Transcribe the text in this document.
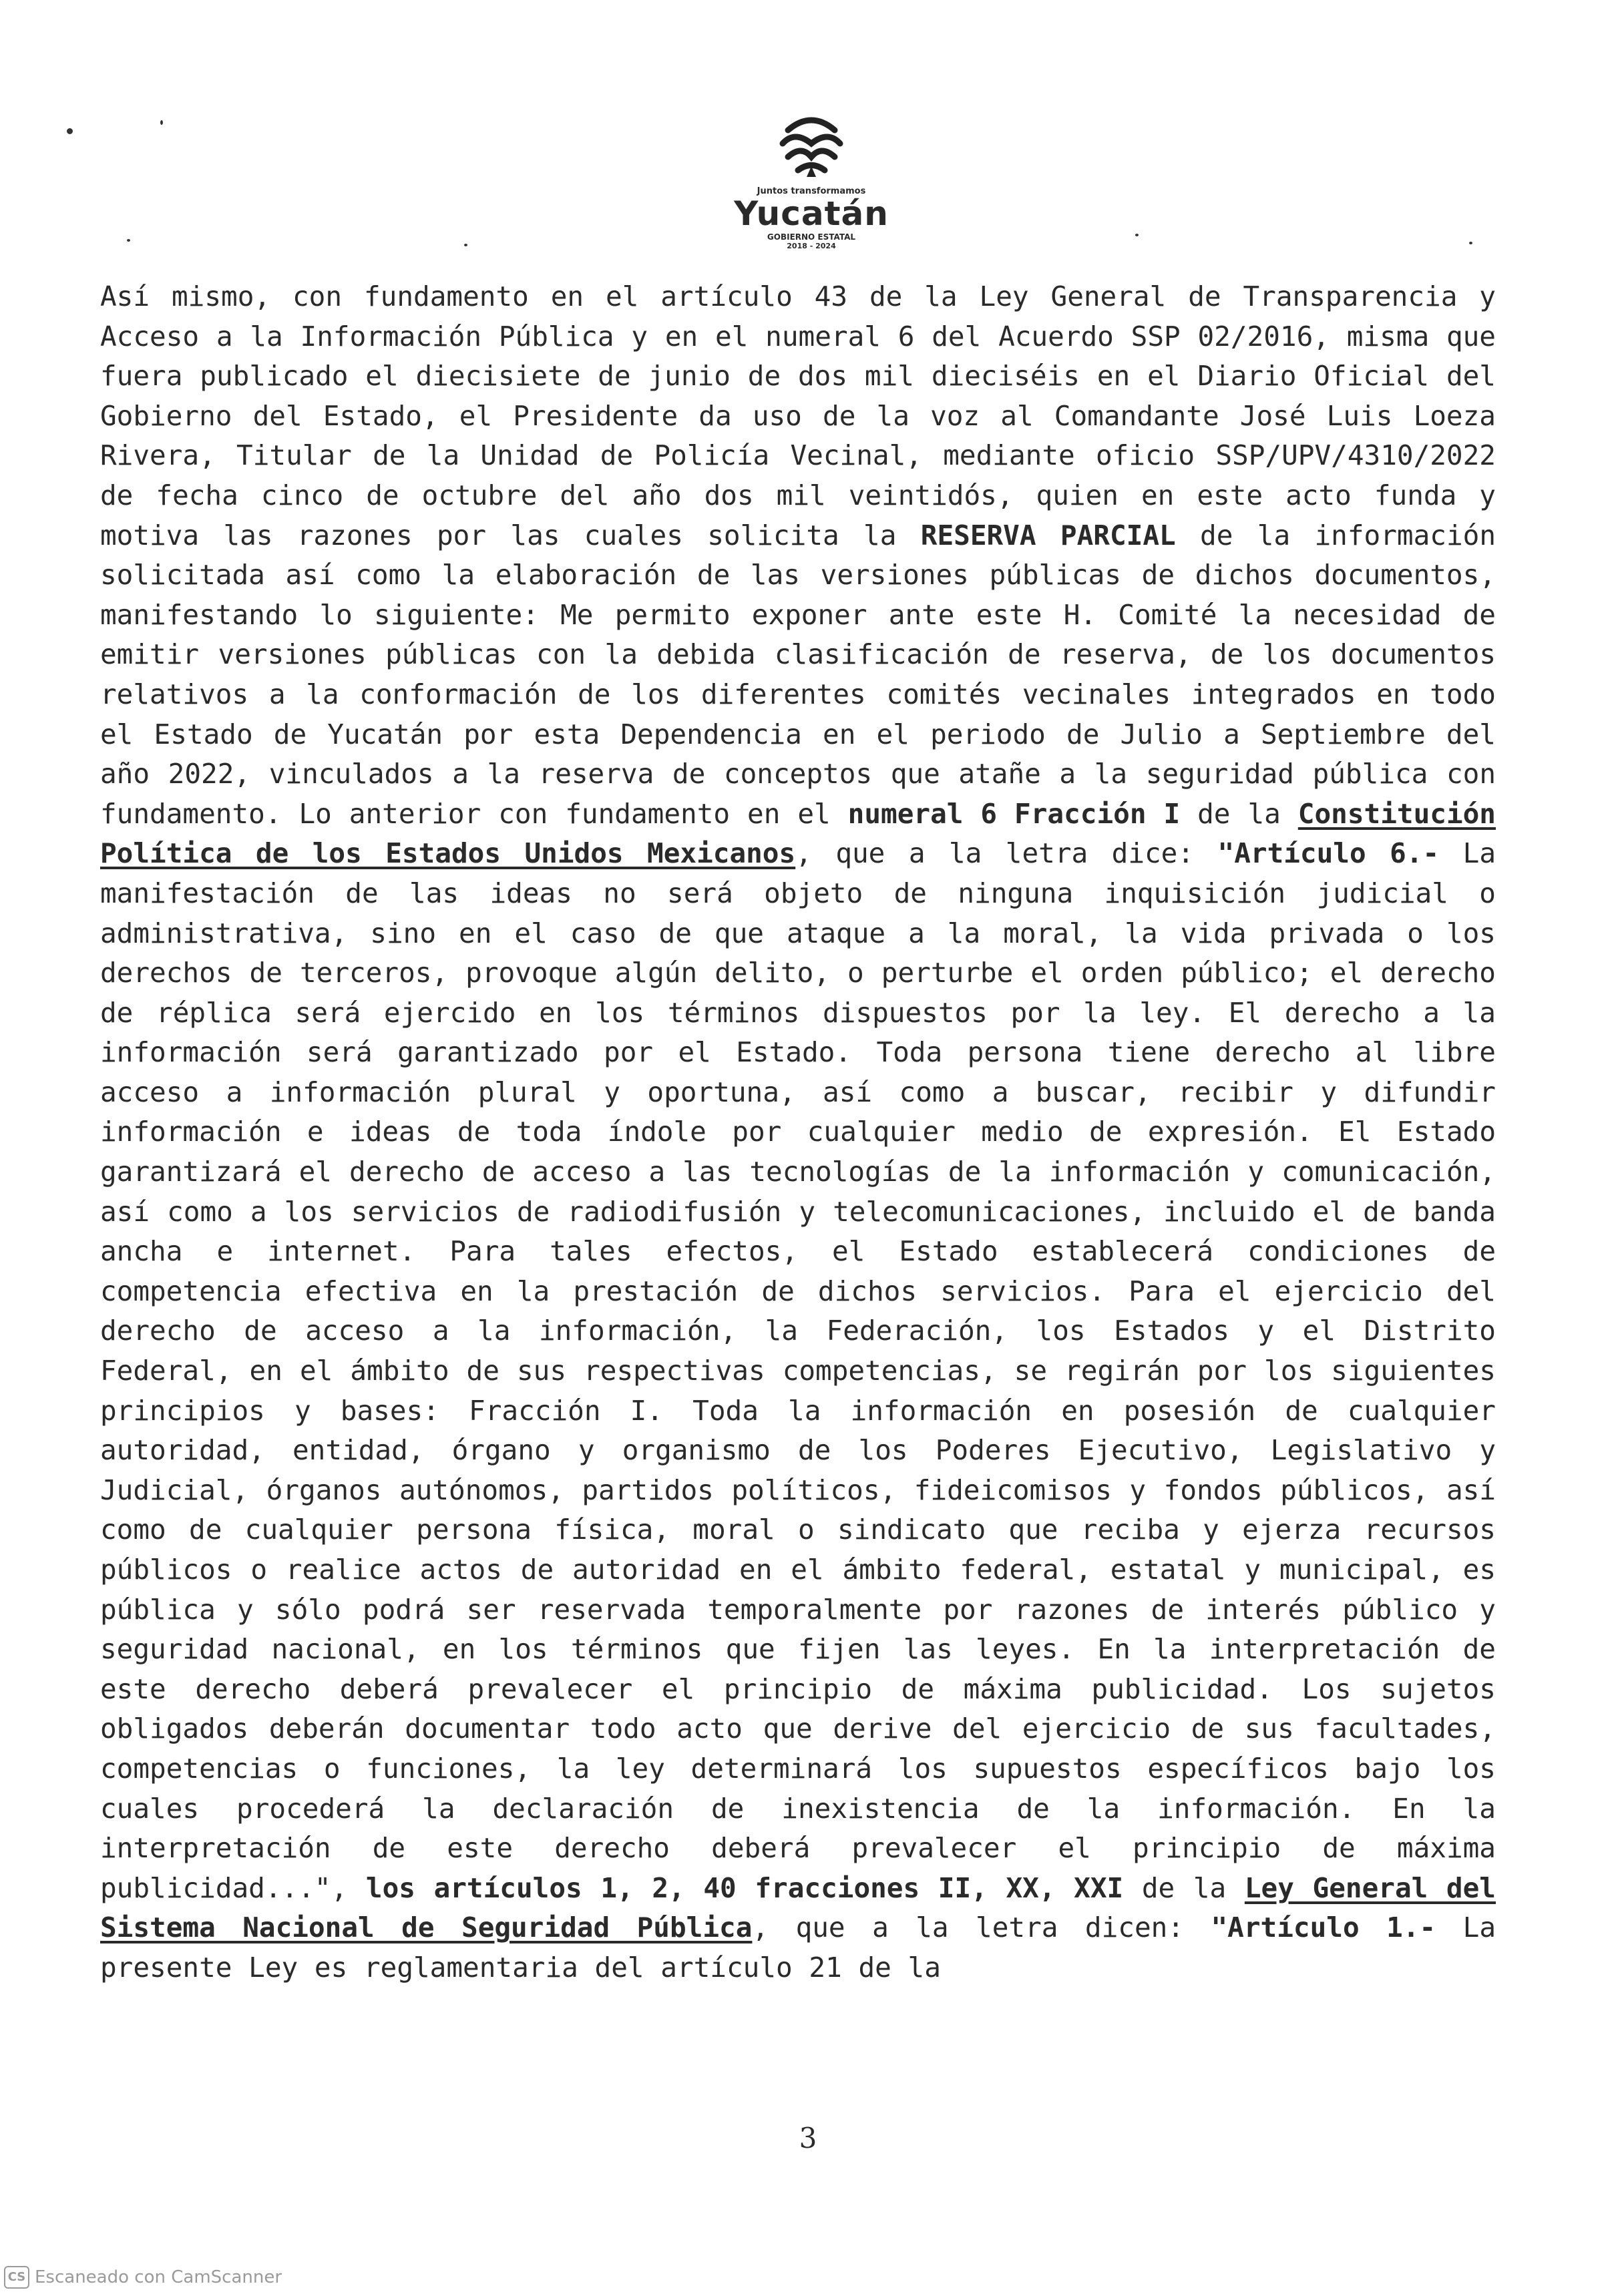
Juntos transformamos
Yucatán
GOBIERNO ESTATAL
2018 - 2024

Así mismo, con fundamento en el artículo 43 de la Ley General de Transparencia y Acceso a la Información Pública y en el numeral 6 del Acuerdo SSP 02/2016, misma que fuera publicado el diecisiete de junio de dos mil dieciséis en el Diario Oficial del Gobierno del Estado, el Presidente da uso de la voz al Comandante José Luis Loeza Rivera, Titular de la Unidad de Policía Vecinal, mediante oficio SSP/UPV/4310/2022 de fecha cinco de octubre del año dos mil veintidós, quien en este acto funda y motiva las razones por las cuales solicita la RESERVA PARCIAL de la información solicitada así como la elaboración de las versiones públicas de dichos documentos, manifestando lo siguiente: Me permito exponer ante este H. Comité la necesidad de emitir versiones públicas con la debida clasificación de reserva, de los documentos relativos a la conformación de los diferentes comités vecinales integrados en todo el Estado de Yucatán por esta Dependencia en el periodo de Julio a Septiembre del año 2022, vinculados a la reserva de conceptos que atañe a la seguridad pública con fundamento. Lo anterior con fundamento en el numeral 6 Fracción I de la Constitución Política de los Estados Unidos Mexicanos, que a la letra dice: "Artículo 6.- La manifestación de las ideas no será objeto de ninguna inquisición judicial o administrativa, sino en el caso de que ataque a la moral, la vida privada o los derechos de terceros, provoque algún delito, o perturbe el orden público; el derecho de réplica será ejercido en los términos dispuestos por la ley. El derecho a la información será garantizado por el Estado. Toda persona tiene derecho al libre acceso a información plural y oportuna, así como a buscar, recibir y difundir información e ideas de toda índole por cualquier medio de expresión. El Estado garantizará el derecho de acceso a las tecnologías de la información y comunicación, así como a los servicios de radiodifusión y telecomunicaciones, incluido el de banda ancha e internet. Para tales efectos, el Estado establecerá condiciones de competencia efectiva en la prestación de dichos servicios. Para el ejercicio del derecho de acceso a la información, la Federación, los Estados y el Distrito Federal, en el ámbito de sus respectivas competencias, se regirán por los siguientes principios y bases: Fracción I. Toda la información en posesión de cualquier autoridad, entidad, órgano y organismo de los Poderes Ejecutivo, Legislativo y Judicial, órganos autónomos, partidos políticos, fideicomisos y fondos públicos, así como de cualquier persona física, moral o sindicato que reciba y ejerza recursos públicos o realice actos de autoridad en el ámbito federal, estatal y municipal, es pública y sólo podrá ser reservada temporalmente por razones de interés público y seguridad nacional, en los términos que fijen las leyes. En la interpretación de este derecho deberá prevalecer el principio de máxima publicidad. Los sujetos obligados deberán documentar todo acto que derive del ejercicio de sus facultades, competencias o funciones, la ley determinará los supuestos específicos bajo los cuales procederá la declaración de inexistencia de la información. En la interpretación de este derecho deberá prevalecer el principio de máxima publicidad...", los artículos 1, 2, 40 fracciones II, XX, XXI de la Ley General del Sistema Nacional de Seguridad Pública, que a la letra dicen: "Artículo 1.- La presente Ley es reglamentaria del artículo 21 de la

3
CS Escaneado con CamScanner
